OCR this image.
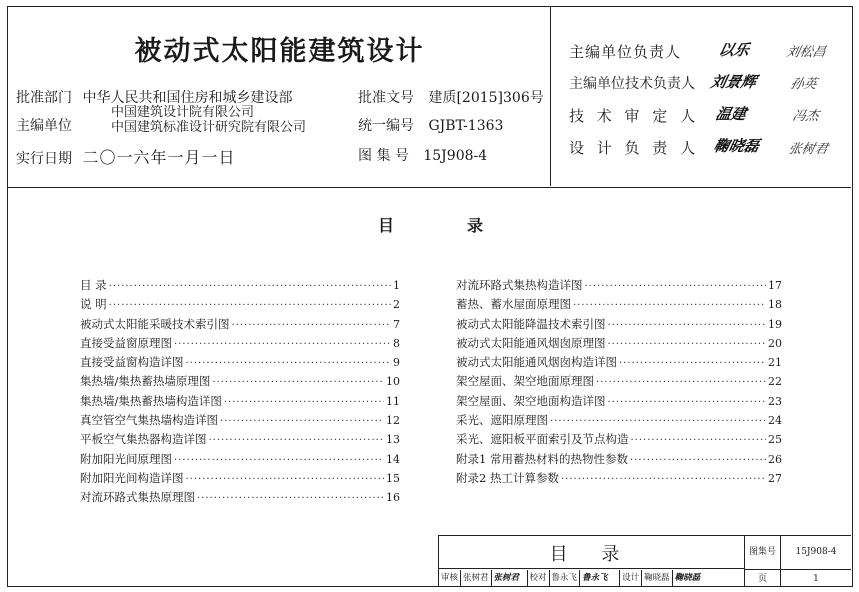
被动式太阳能建筑设计
批准部门 中华人民共和国住房和城乡建设部
主编单位
中国建筑设计院有限公司
中国建筑标准设计研究院有限公司
实行日期 二〇一六年一月一日
批准文号 建质[2015]306号
统一编号 GJBT-1363
图 集 号 15J908-4
主编单位负责人 以乐	刘松昌
主编单位技术负责人 刘景辉 孙英
技 术 审 定 人 温建	冯杰
设 计 负 责 人 鞠晓磊 张树君
目	录
目 录 ·····	1
说 明 ·····	2
被动式太阳能采暖技术索引图 ·····	7
直接受益窗原理图 ·····	8
直接受益窗构造详图 ·····	9
集热墙/集热蓄热墙原理图 ·····	10
集热墙/集热蓄热墙构造详图 ·····	11
真空管空气集热墙构造详图 ·····	12
平板空气集热器构造详图 ·····	13
附加阳光间原理图 ·····	14
附加阳光间构造详图 ·····	15
对流环路式集热原理图 ·····	16
对流环路式集热构造详图 ·····	17
蓄热、蓄水屋面原理图 ·····	18
被动式太阳能降温技术索引图 ·····	19
被动式太阳能通风烟囱原理图 ·····	20
被动式太阳能通风烟囱构造详图 ·····	21
架空屋面、架空地面原理图 ·····	22
架空屋面、架空地面构造详图 ·····	23
采光、遮阳原理图 ·····	24
采光、遮阳板平面索引及节点构造 ·····	25
附录1 常用蓄热材料的热物性参数 ·····	26
附录2 热工计算参数 ·····	27
目 录	图集号	15J908-4
页	1
审核 张树君 张树君 校对 鲁永飞 鲁永飞 设计 鞠晓磊 鞠晓磊
